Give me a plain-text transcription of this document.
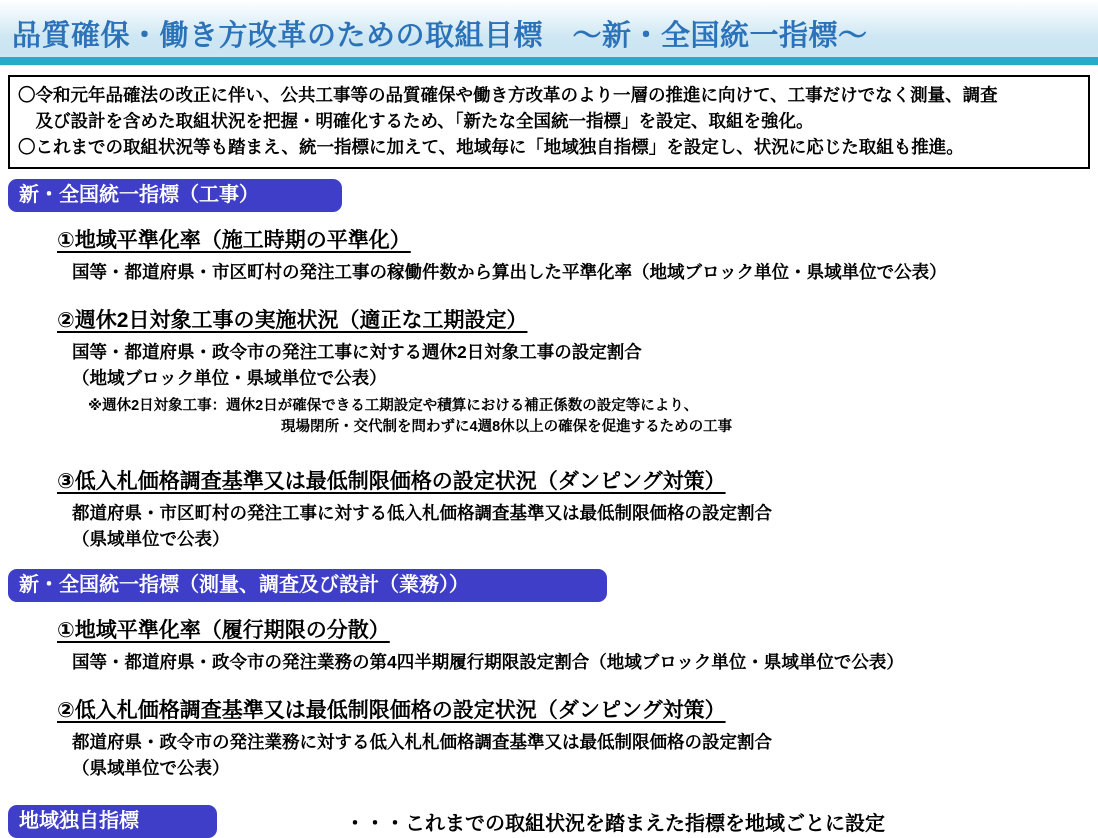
品質確保・働き方改革のための取組目標　～新・全国統一指標～
〇令和元年品確法の改正に伴い、公共工事等の品質確保や働き方改革のより一層の推進に向けて、工事だけでなく測量、調査
　及び設計を含めた取組状況を把握・明確化するため、「新たな全国統一指標」を設定、取組を強化。
〇これまでの取組状況等も踏まえ、統一指標に加えて、地域毎に「地域独自指標」を設定し、状況に応じた取組も推進。
新・全国統一指標（工事）
①地域平準化率（施工時期の平準化）
国等・都道府県・市区町村の発注工事の稼働件数から算出した平準化率（地域ブロック単位・県域単位で公表）
②週休2日対象工事の実施状況（適正な工期設定）
国等・都道府県・政令市の発注工事に対する週休2日対象工事の設定割合
（地域ブロック単位・県域単位で公表）
※週休2日対象工事：週休2日が確保できる工期設定や積算における補正係数の設定等により、
現場閉所・交代制を問わずに4週8休以上の確保を促進するための工事
③低入札価格調査基準又は最低制限価格の設定状況（ダンピング対策）
都道府県・市区町村の発注工事に対する低入札価格調査基準又は最低制限価格の設定割合
（県域単位で公表）
新・全国統一指標（測量、調査及び設計（業務））
①地域平準化率（履行期限の分散）
国等・都道府県・政令市の発注業務の第4四半期履行期限設定割合（地域ブロック単位・県域単位で公表）
②低入札価格調査基準又は最低制限価格の設定状況（ダンピング対策）
都道府県・政令市の発注業務に対する低入札札価格調査基準又は最低制限価格の設定割合
（県域単位で公表）
地域独自指標	・・・これまでの取組状況を踏まえた指標を地域ごとに設定
